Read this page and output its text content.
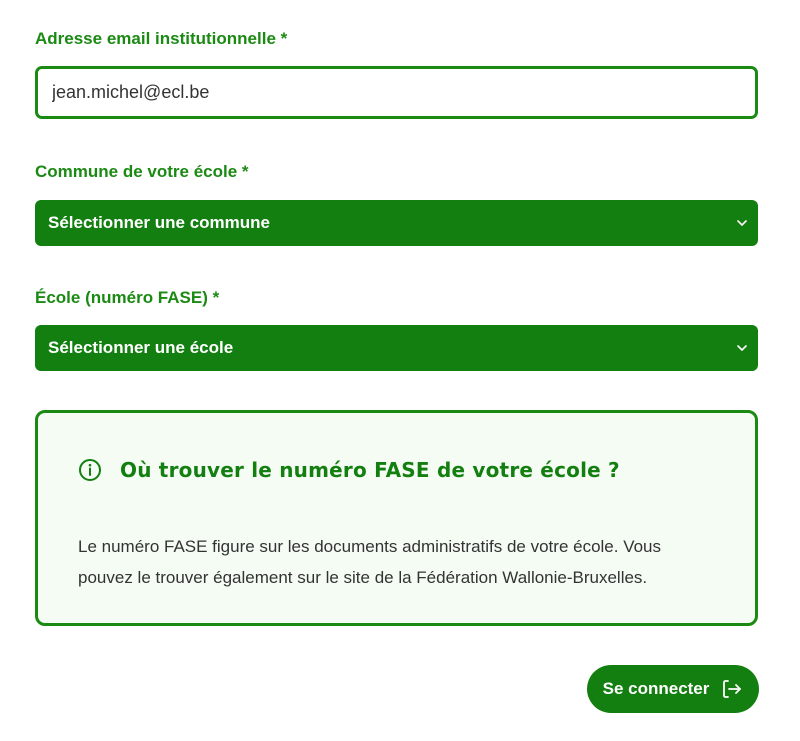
Adresse email institutionnelle *
jean.michel@ecl.be
Commune de votre école *
Sélectionner une commune
École (numéro FASE) *
Sélectionner une école
Où trouver le numéro FASE de votre école ?

Le numéro FASE figure sur les documents administratifs de votre école. Vous pouvez le trouver également sur le site de la Fédération Wallonie-Bruxelles.

Se connecter
